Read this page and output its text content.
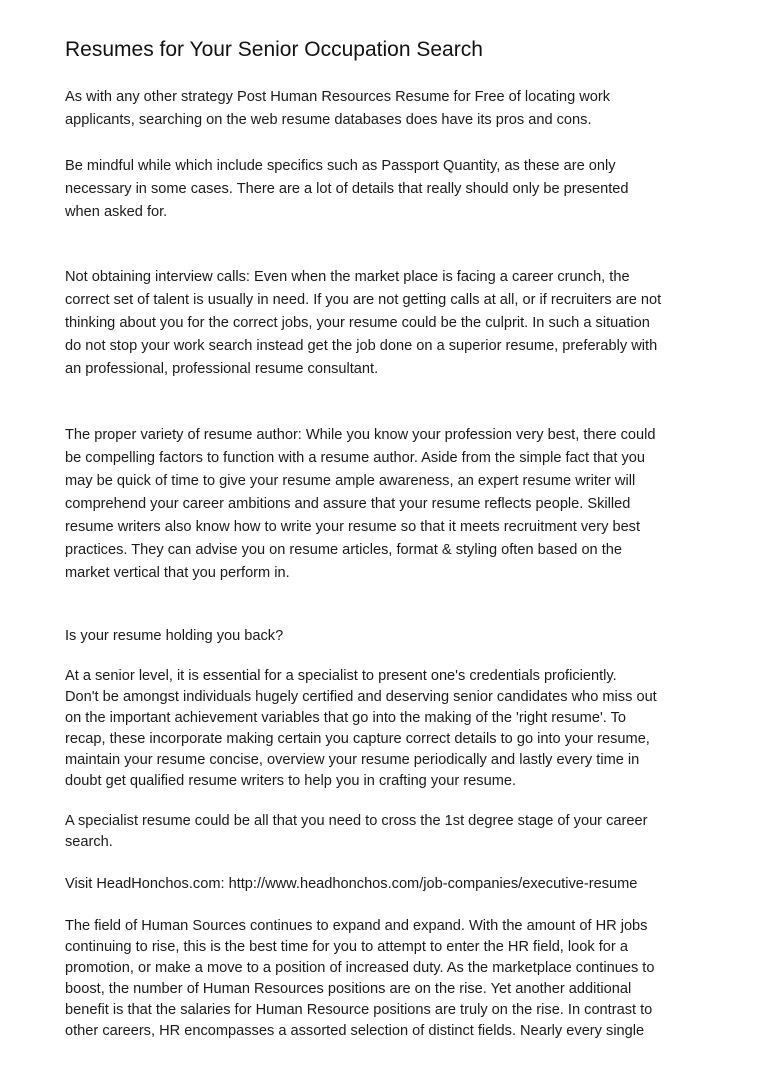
Resumes for Your Senior Occupation Search

As with any other strategy Post Human Resources Resume for Free of locating work
applicants, searching on the web resume databases does have its pros and cons.

Be mindful while which include specifics such as Passport Quantity, as these are only
necessary in some cases. There are a lot of details that really should only be presented
when asked for.

Not obtaining interview calls: Even when the market place is facing a career crunch, the
correct set of talent is usually in need. If you are not getting calls at all, or if recruiters are not
thinking about you for the correct jobs, your resume could be the culprit. In such a situation
do not stop your work search instead get the job done on a superior resume, preferably with
an professional, professional resume consultant.

The proper variety of resume author: While you know your profession very best, there could
be compelling factors to function with a resume author. Aside from the simple fact that you
may be quick of time to give your resume ample awareness, an expert resume writer will
comprehend your career ambitions and assure that your resume reflects people. Skilled
resume writers also know how to write your resume so that it meets recruitment very best
practices. They can advise you on resume articles, format & styling often based on the
market vertical that you perform in.

Is your resume holding you back?

At a senior level, it is essential for a specialist to present one's credentials proficiently.
Don't be amongst individuals hugely certified and deserving senior candidates who miss out
on the important achievement variables that go into the making of the 'right resume'. To
recap, these incorporate making certain you capture correct details to go into your resume,
maintain your resume concise, overview your resume periodically and lastly every time in
doubt get qualified resume writers to help you in crafting your resume.

A specialist resume could be all that you need to cross the 1st degree stage of your career
search.

Visit HeadHonchos.com: http://www.headhonchos.com/job-companies/executive-resume

The field of Human Sources continues to expand and expand. With the amount of HR jobs
continuing to rise, this is the best time for you to attempt to enter the HR field, look for a
promotion, or make a move to a position of increased duty. As the marketplace continues to
boost, the number of Human Resources positions are on the rise. Yet another additional
benefit is that the salaries for Human Resource positions are truly on the rise. In contrast to
other careers, HR encompasses a assorted selection of distinct fields. Nearly every single
